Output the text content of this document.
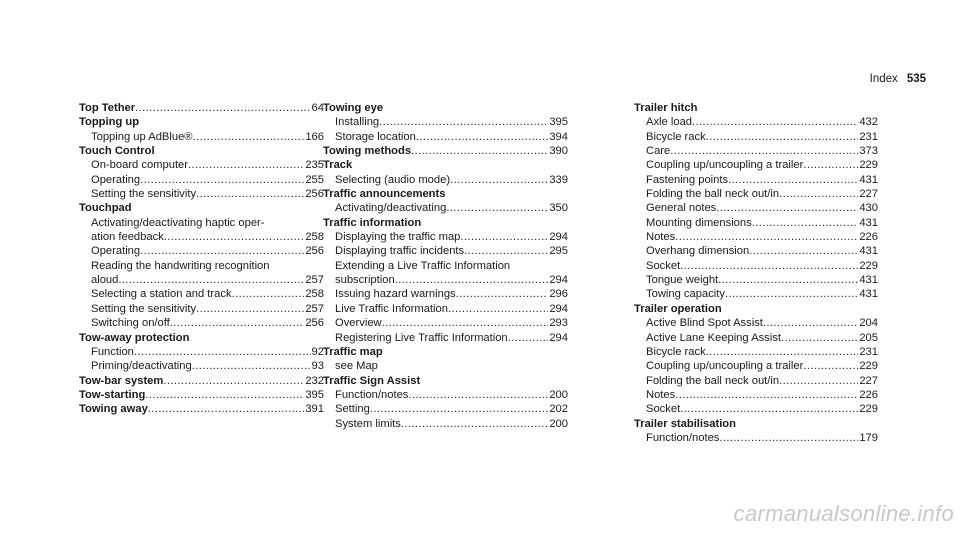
Index 535
Top Tether .....	64
Topping up
Topping up AdBlue® .....	166
Touch Control
On-board computer .....	235
Operating .....	255
Setting the sensitivity .....	256
Touchpad
Activating/deactivating haptic oper-
ation feedback .....	258
Operating .....	256
Reading the handwriting recognition
aloud .....	257
Selecting a station and track .....	258
Setting the sensitivity .....	257
Switching on/off .....	256
Tow-away protection
Function .....	92
Priming/deactivating .....	93
Tow-bar system .....	232
Tow-starting .....	395
Towing away .....	391
Towing eye
Installing .....	395
Storage location .....	394
Towing methods .....	390
Track
Selecting (audio mode) .....	339
Traffic announcements
Activating/deactivating .....	350
Traffic information
Displaying the traffic map .....	294
Displaying traffic incidents .....	295
Extending a Live Traffic Information
subscription .....	294
Issuing hazard warnings .....	296
Live Traffic Information .....	294
Overview .....	293
Registering Live Traffic Information .....	294
Traffic map
see Map
Traffic Sign Assist
Function/notes .....	200
Setting .....	202
System limits .....	200
Trailer hitch
Axle load .....	432
Bicycle rack .....	231
Care .....	373
Coupling up/uncoupling a trailer .....	229
Fastening points .....	431
Folding the ball neck out/in .....	227
General notes .....	430
Mounting dimensions .....	431
Notes .....	226
Overhang dimension .....	431
Socket .....	229
Tongue weight .....	431
Towing capacity .....	431
Trailer operation
Active Blind Spot Assist .....	204
Active Lane Keeping Assist .....	205
Bicycle rack .....	231
Coupling up/uncoupling a trailer .....	229
Folding the ball neck out/in .....	227
Notes .....	226
Socket .....	229
Trailer stabilisation
Function/notes .....	179
carmanualsonline.info
